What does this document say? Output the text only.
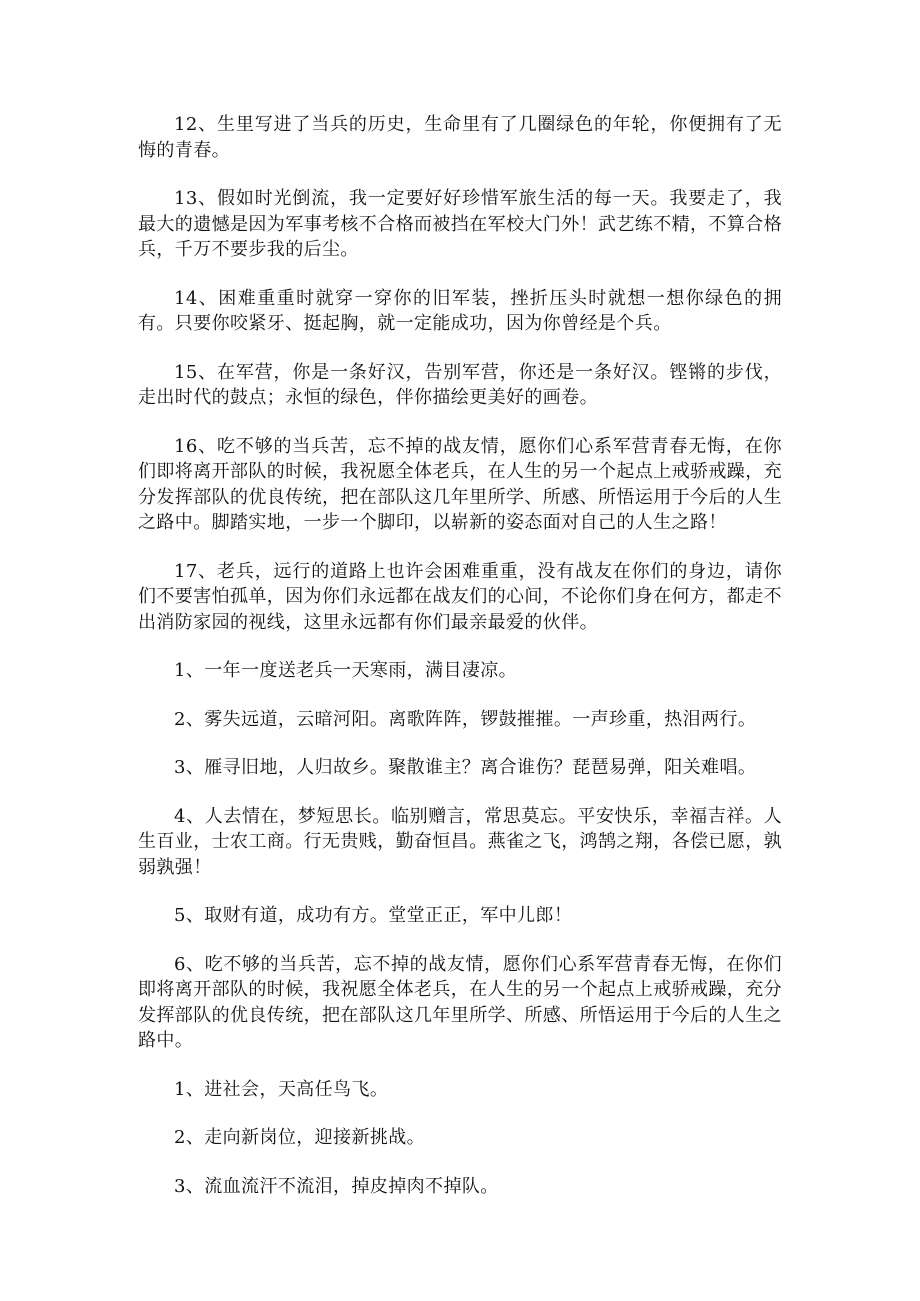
12、生里写进了当兵的历史，生命里有了几圈绿色的年轮，你便拥有了无悔的青春。

13、假如时光倒流，我一定要好好珍惜军旅生活的每一天。我要走了，我最大的遗憾是因为军事考核不合格而被挡在军校大门外！武艺练不精，不算合格兵，千万不要步我的后尘。

14、困难重重时就穿一穿你的旧军装，挫折压头时就想一想你绿色的拥有。只要你咬紧牙、挺起胸，就一定能成功，因为你曾经是个兵。

15、在军营，你是一条好汉，告别军营，你还是一条好汉。铿锵的步伐，走出时代的鼓点；永恒的绿色，伴你描绘更美好的画卷。

16、吃不够的当兵苦，忘不掉的战友情，愿你们心系军营青春无悔，在你们即将离开部队的时候，我祝愿全体老兵，在人生的另一个起点上戒骄戒躁，充分发挥部队的优良传统，把在部队这几年里所学、所感、所悟运用于今后的人生之路中。脚踏实地，一步一个脚印，以崭新的姿态面对自己的人生之路！

17、老兵，远行的道路上也许会困难重重，没有战友在你们的身边，请你们不要害怕孤单，因为你们永远都在战友们的心间，不论你们身在何方，都走不出消防家园的视线，这里永远都有你们最亲最爱的伙伴。

1、一年一度送老兵一天寒雨，满目凄凉。

2、雾失远道，云暗河阳。离歌阵阵，锣鼓摧摧。一声珍重，热泪两行。

3、雁寻旧地，人归故乡。聚散谁主？离合谁伤？琵琶易弹，阳关难唱。

4、人去情在，梦短思长。临别赠言，常思莫忘。平安快乐，幸福吉祥。人生百业，士农工商。行无贵贱，勤奋恒昌。燕雀之飞，鸿鹄之翔，各偿已愿，孰弱孰强！

5、取财有道，成功有方。堂堂正正，军中儿郎！

6、吃不够的当兵苦，忘不掉的战友情，愿你们心系军营青春无悔，在你们即将离开部队的时候，我祝愿全体老兵，在人生的另一个起点上戒骄戒躁，充分发挥部队的优良传统，把在部队这几年里所学、所感、所悟运用于今后的人生之路中。

1、进社会，天高任鸟飞。

2、走向新岗位，迎接新挑战。

3、流血流汗不流泪，掉皮掉肉不掉队。
